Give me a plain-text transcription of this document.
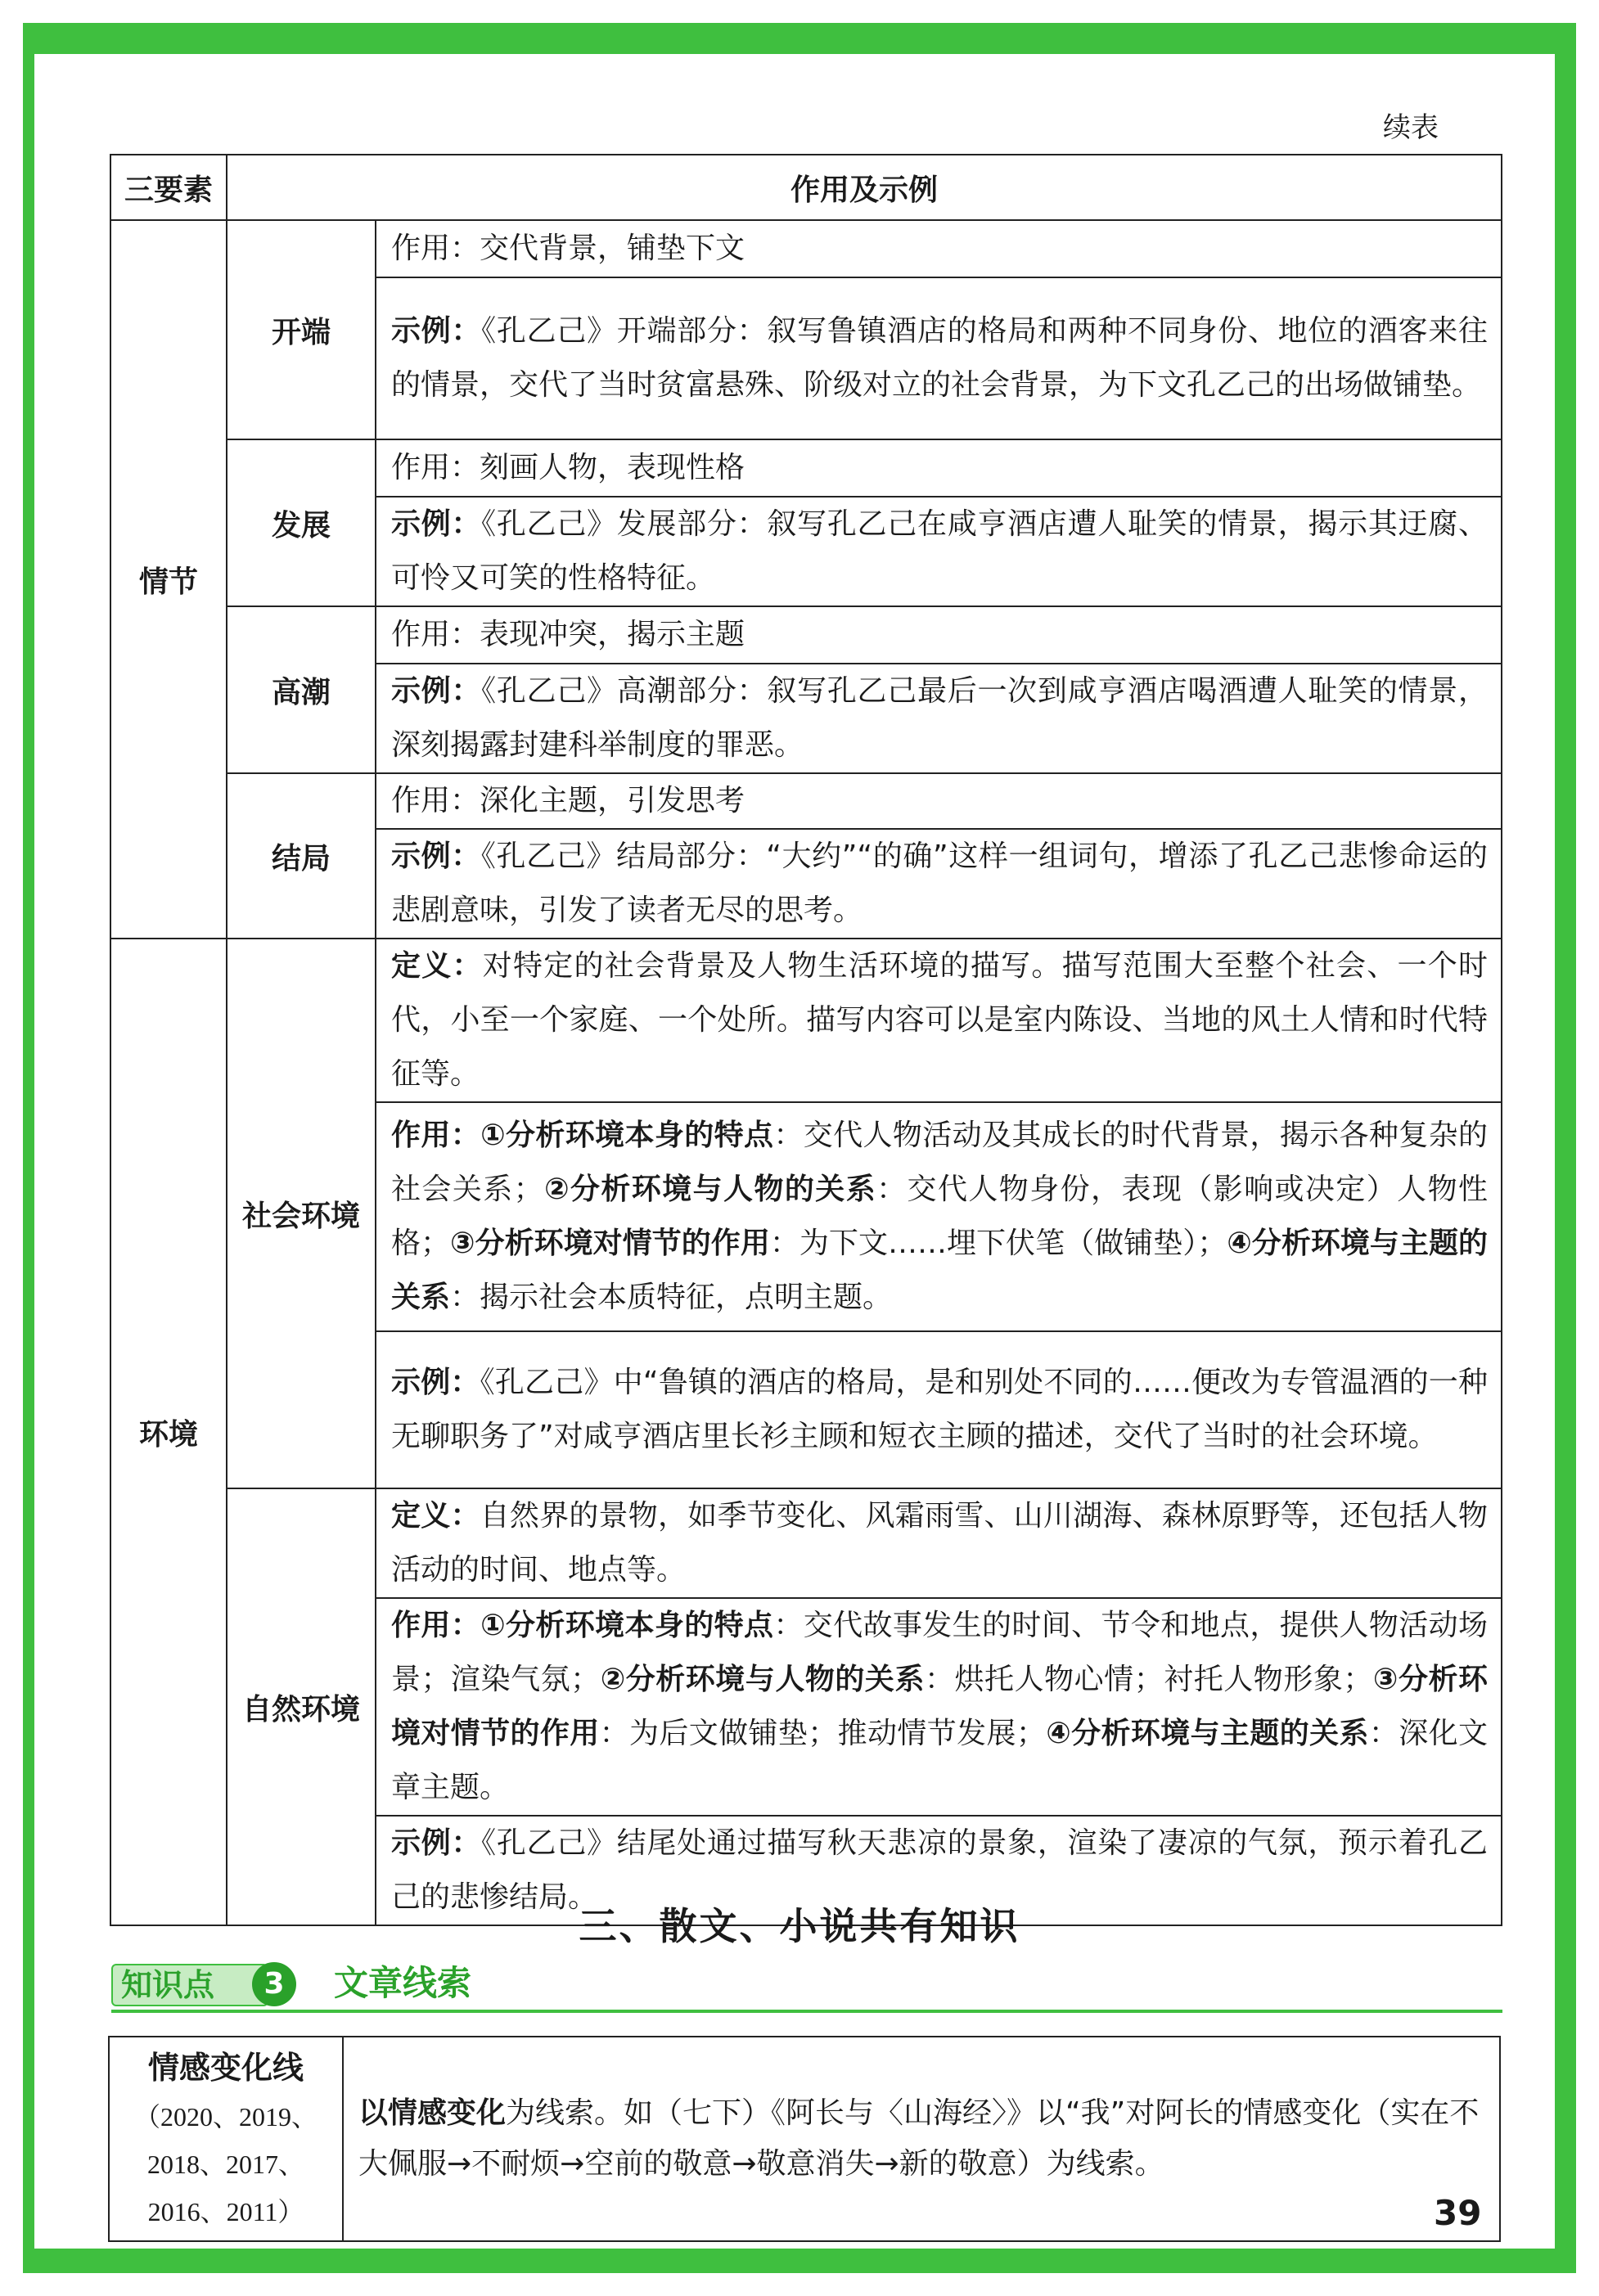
续表
三要素	作用及示例	
情节	开端	作用：交代背景，铺垫下文
		示例：《孔乙己》开端部分：叙写鲁镇酒店的格局和两种不同身份、地位的酒客来往的情景，交代了当时贫富悬殊、阶级对立的社会背景，为下文孔乙己的出场做铺垫。
	发展	作用：刻画人物，表现性格
		示例：《孔乙己》发展部分：叙写孔乙己在咸亨酒店遭人耻笑的情景，揭示其迂腐、可怜又可笑的性格特征。
	高潮	作用：表现冲突，揭示主题
		示例：《孔乙己》高潮部分：叙写孔乙己最后一次到咸亨酒店喝酒遭人耻笑的情景，深刻揭露封建科举制度的罪恶。
	结局	作用：深化主题，引发思考
		示例：《孔乙己》结局部分：“大约”“的确”这样一组词句，增添了孔乙己悲惨命运的悲剧意味，引发了读者无尽的思考。
环境	社会环境	定义：对特定的社会背景及人物生活环境的描写。描写范围大至整个社会、一个时代，小至一个家庭、一个处所。描写内容可以是室内陈设、当地的风土人情和时代特征等。
		作用：①分析环境本身的特点：交代人物活动及其成长的时代背景，揭示各种复杂的社会关系；②分析环境与人物的关系：交代人物身份，表现（影响或决定）人物性格；③分析环境对情节的作用：为下文……埋下伏笔（做铺垫）；④分析环境与主题的关系：揭示社会本质特征，点明主题。
		示例：《孔乙己》中“鲁镇的酒店的格局，是和别处不同的……便改为专管温酒的一种无聊职务了”对咸亨酒店里长衫主顾和短衣主顾的描述，交代了当时的社会环境。
	自然环境	定义：自然界的景物，如季节变化、风霜雨雪、山川湖海、森林原野等，还包括人物活动的时间、地点等。
		作用：①分析环境本身的特点：交代故事发生的时间、节令和地点，提供人物活动场景；渲染气氛；②分析环境与人物的关系：烘托人物心情；衬托人物形象；③分析环境对情节的作用：为后文做铺垫；推动情节发展；④分析环境与主题的关系：深化文章主题。
		示例：《孔乙己》结尾处通过描写秋天悲凉的景象，渲染了凄凉的气氛，预示着孔乙己的悲惨结局。
三、散文、小说共有知识
知识点	3	文章线索
情感变化线
（2020、2019、2018、2017、2016、2011）
	以情感变化为线索。如（七下）《阿长与〈山海经〉》以“我”对阿长的情感变化（实在不大佩服→不耐烦→空前的敬意→敬意消失→新的敬意）为线索。
39
